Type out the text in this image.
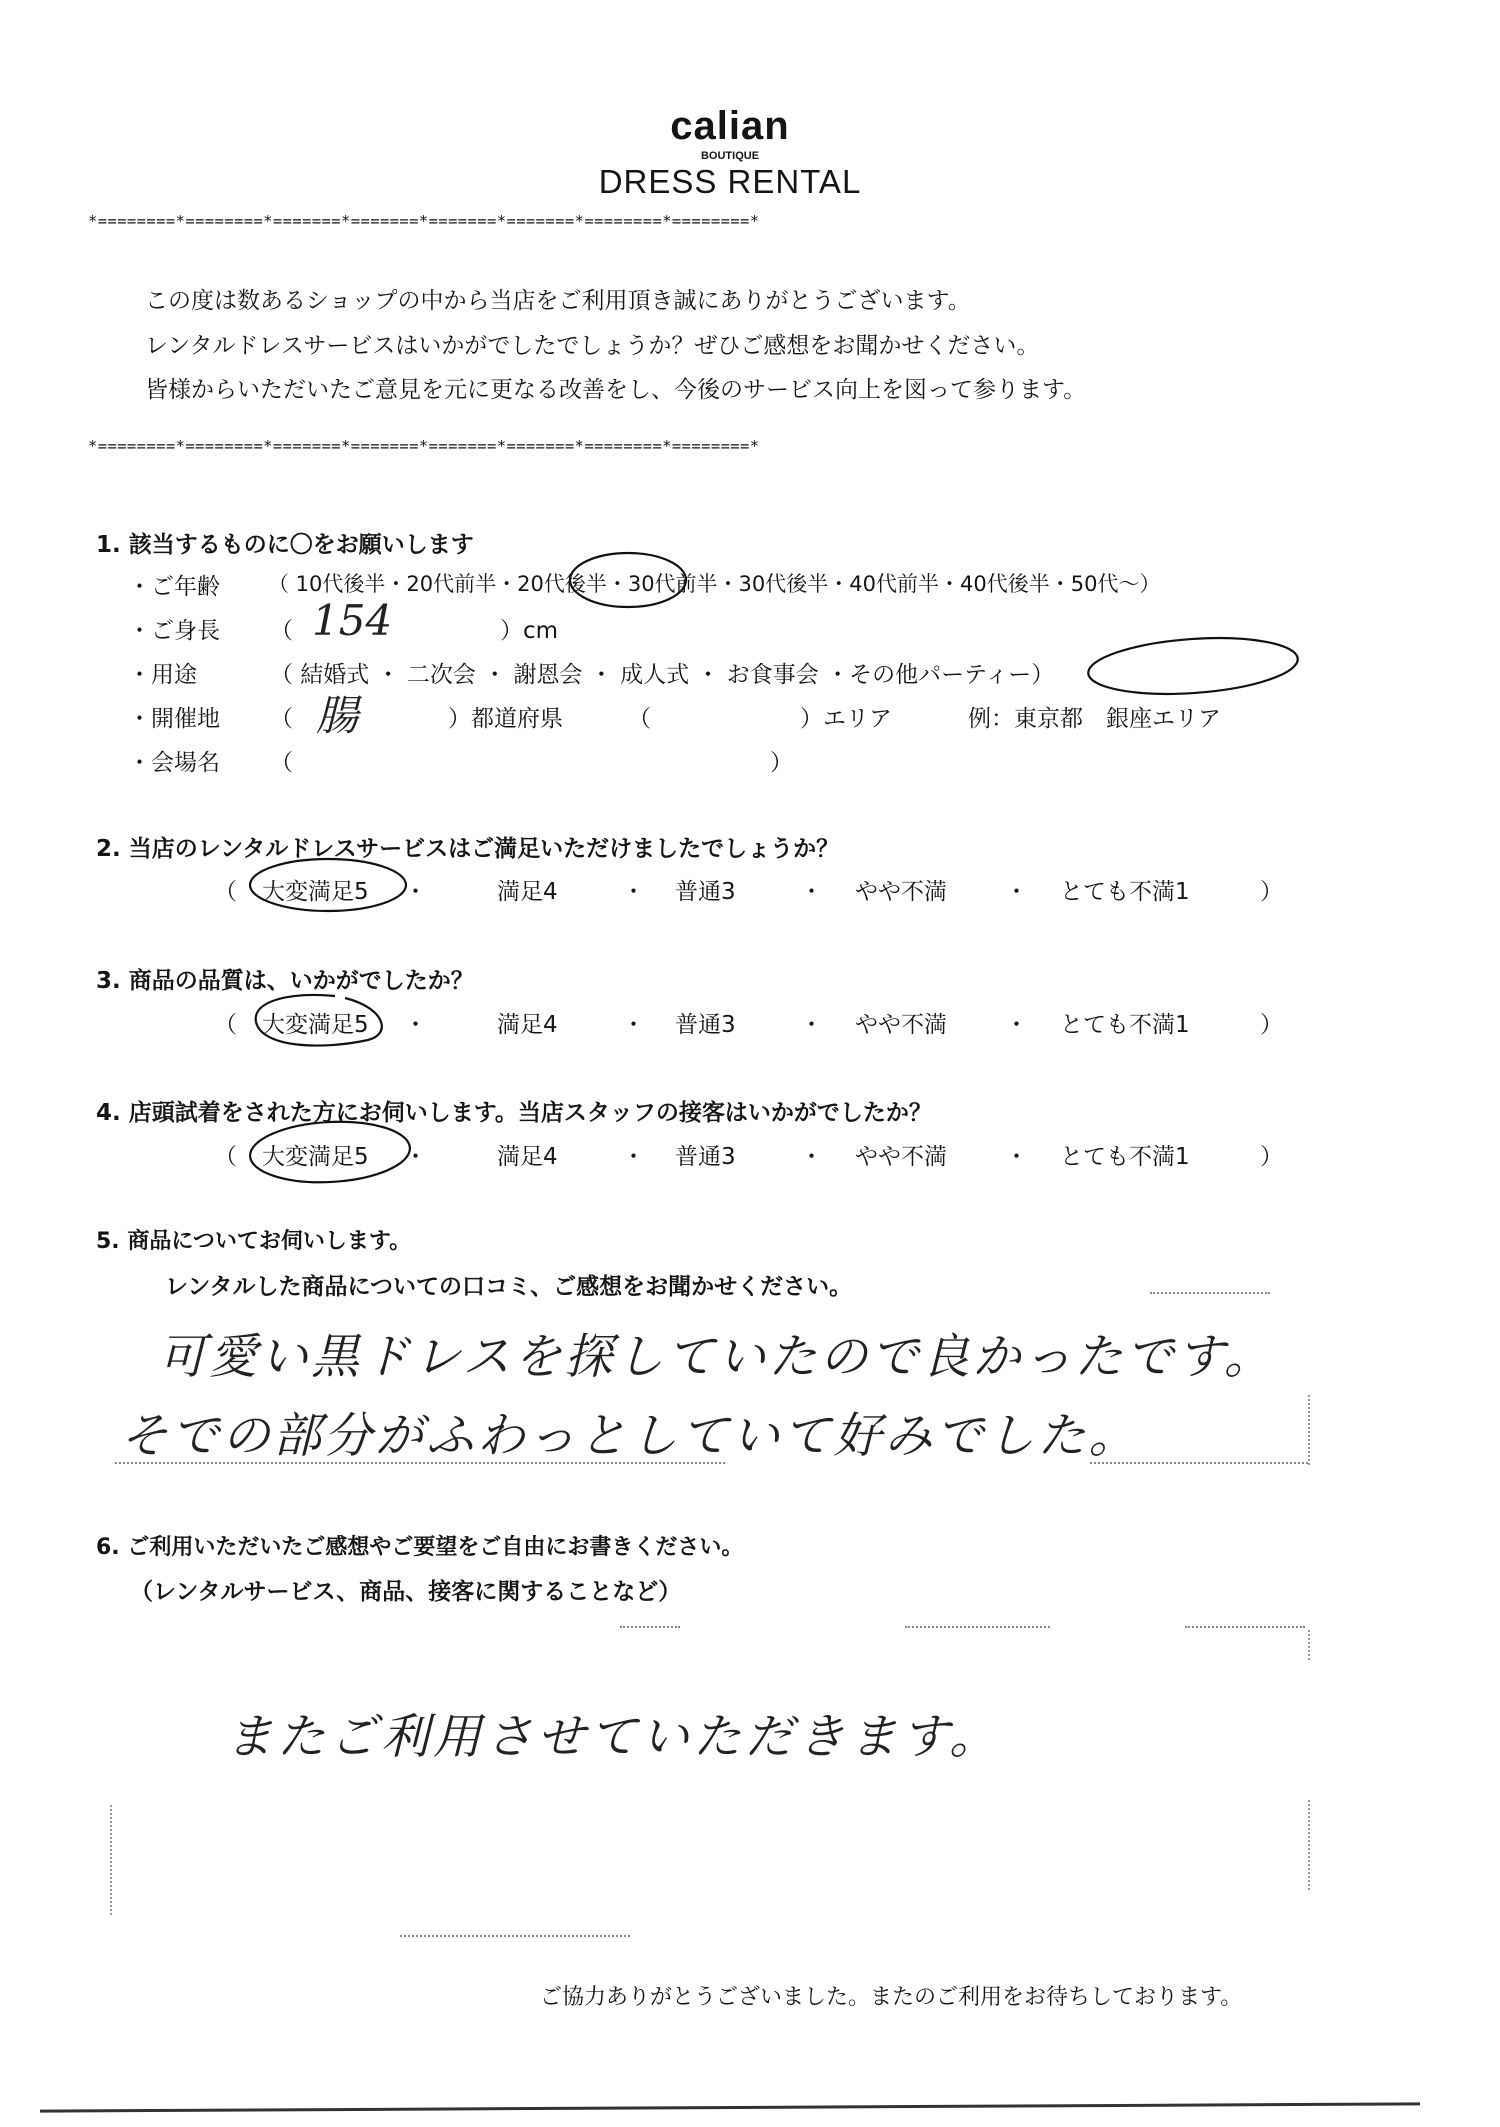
calian
BOUTIQUE
DRESS RENTAL
*========*========*=======*=======*=======*=======*========*========*
この度は数あるショップの中から当店をご利用頂き誠にありがとうございます。
レンタルドレスサービスはいかがでしたでしょうか？ぜひご感想をお聞かせください。
皆様からいただいたご意見を元に更なる改善をし、今後のサービス向上を図って参ります。
*========*========*=======*=======*=======*=======*========*========*
1. 該当するものに〇をお願いします
・ご年齢 （ 10代後半・20代前半・20代後半・30代前半・30代後半・40代前半・40代後半・50代～）
・ご身長 （ 154	）cm
・用途	（ 結婚式 ・ 二次会 ・ 謝恩会 ・ 成人式 ・ お食事会 ・その他パーティー）
・開催地 （ 腸	）都道府県	（	）エリア	例：東京都　銀座エリア
・会場名 （	）
2. 当店のレンタルドレスサービスはご満足いただけましたでしょうか？
（ 大変満足5 ・	満足4	・ 普通3	・ やや不満	・ とても不満1	）
3. 商品の品質は、いかがでしたか？
（ 大変満足5 ・	満足4	・ 普通3	・ やや不満	・ とても不満1	）
4. 店頭試着をされた方にお伺いします。当店スタッフの接客はいかがでしたか？
（ 大変満足5 ・	満足4	・ 普通3	・ やや不満	・ とても不満1	）
5. 商品についてお伺いします。
レンタルした商品についての口コミ、ご感想をお聞かせください。
可愛い黒ドレスを探していたので良かったです。
そでの部分がふわっとしていて好みでした。
6. ご利用いただいたご感想やご要望をご自由にお書きください。
（レンタルサービス、商品、接客に関することなど）
またご利用させていただきます。
ご協力ありがとうございました。またのご利用をお待ちしております。
